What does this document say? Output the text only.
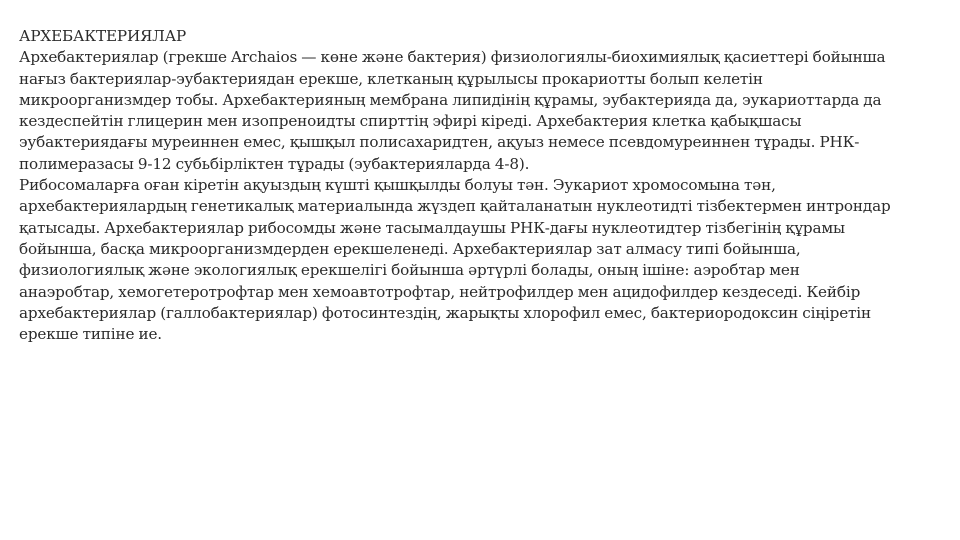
АРХЕБАКТЕРИЯЛАР
Архебактериялар (грекше Archaios — көне және бактерия) физиологиялы-биохимиялық қасиеттері бойынша
нағыз бактериялар-эубактериядан ерекше, клетканың құрылысы прокариотты болып келетін
микроорганизмдер тобы. Архебактерияның мембрана липидінің құрамы, эубактерияда да, эукариоттарда да
кездеспейтін глицерин мен изопреноидты спирттің эфирі кіреді. Архебактерия клетка қабықшасы
эубактериядағы муреиннен емес, қышқыл полисахаридтен, ақуыз немесе псевдомуреиннен тұрады. РНК-
полимеразасы 9-12 субьбірліктен тұрады (эубактерияларда 4-8).
Рибосомаларға оған кіретін ақуыздың күшті қышқылды болуы тән. Эукариот хромосомына тән,
архебактериялардың генетикалық материалында жүздеп қайталанатын нуклеотидті тізбектермен интрондар
қатысады. Архебактериялар рибосомды және тасымалдаушы РНК-дағы нуклеотидтер тізбегінің құрамы
бойынша, басқа микроорганизмдерден ерекшеленеді. Архебактериялар зат алмасу типі бойынша,
физиологиялық және экологиялық ерекшелігі бойынша әртүрлі болады, оның ішіне: аэробтар мен
анаэробтар, хемогетеротрофтар мен хемоавтотрофтар, нейтрофилдер мен ацидофилдер кездеседі. Кейбір
архебактериялар (галлобактериялар) фотосинтездің, жарықты хлорофил емес, бактериородоксин сіңіретін
ерекше типіне ие.
